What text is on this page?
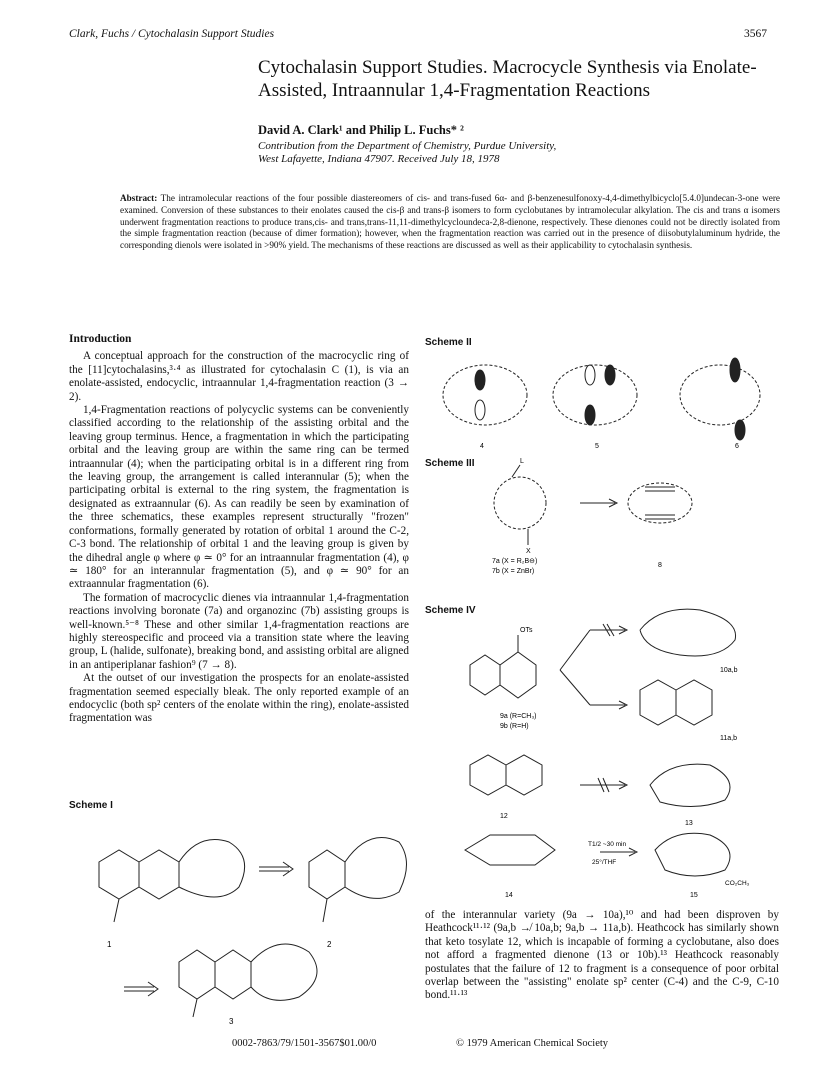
Clark, Fuchs / Cytochalasin Support Studies	3567
Cytochalasin Support Studies. Macrocycle Synthesis via Enolate-Assisted, Intraannular 1,4-Fragmentation Reactions
David A. Clark¹ and Philip L. Fuchs* ²
Contribution from the Department of Chemistry, Purdue University,
West Lafayette, Indiana 47907. Received July 18, 1978
Abstract: The intramolecular reactions of the four possible diastereomers of cis- and trans-fused 6α- and β-benzenesulfonoxy-4,4-dimethylbicyclo[5.4.0]undecan-3-one were examined. Conversion of these substances to their enolates caused the cis-β and trans-β isomers to form cyclobutanes by intramolecular alkylation. The cis and trans α isomers underwent fragmentation reactions to produce trans,cis- and trans,trans-11,11-dimethylcycloundeca-2,8-dienone, respectively. These dienones could not be directly isolated from the simple fragmentation reaction (because of dimer formation); however, when the fragmentation reaction was carried out in the presence of diisobutylaluminum hydride, the corresponding dienols were isolated in >90% yield. The mechanisms of these reactions are discussed as well as their applicability to cytochalasin synthesis.
Introduction

A conceptual approach for the construction of the macrocyclic ring of the [11]cytochalasins,³·⁴ as illustrated for cytochalasin C (1), is via an enolate-assisted, endocyclic, intraannular 1,4-fragmentation reaction (3 → 2).

1,4-Fragmentation reactions of polycyclic systems can be conveniently classified according to the relationship of the assisting orbital and the leaving group terminus. Hence, a fragmentation in which the participating orbital and the leaving group are within the same ring can be termed intraannular (4); when the participating orbital is in a different ring from the leaving group, the arrangement is called interannular (5); when the participating orbital is external to the ring system, the fragmentation is designated as extraannular (6). As can readily be seen by examination of the three schematics, these examples represent structurally "frozen" conformations, formally generated by rotation of orbital 1 around the C-2, C-3 bond. The relationship of orbital 1 and the leaving group is given by the dihedral angle φ where φ ≃ 0° for an intraannular fragmentation (4), φ ≃ 180° for an interannular fragmentation (5), and φ ≃ 90° for an extraannular fragmentation (6).

The formation of macrocyclic dienes via intraannular 1,4-fragmentation reactions involving boronate (7a) and organozinc (7b) assisting groups is well-known.⁵⁻⁸ These and other similar 1,4-fragmentation reactions are highly stereospecific and proceed via a transition state where the leaving group, L (halide, sulfonate), breaking bond, and assisting orbital are aligned in an antiperiplanar fashion⁹ (7 → 8).

At the outset of our investigation the prospects for an enolate-assisted fragmentation seemed especially bleak. The only reported example of an endocyclic (both sp² centers of the enolate within the ring), enolate-assisted fragmentation was

Scheme I
1	2
3
Scheme II
4	5	6
Scheme III	L
X
7a (X = R₂B⊖)
7b (X = ZnBr)
8
Scheme IV
OTs
9a (R=CH₃)
9b (R=H)
10a,b
11a,b
12
13
T1/2 ~30 min
25°/THF
CO₂CH₃
14	15
of the interannular variety (9a → 10a),¹⁰ and had been disproven by Heathcock¹¹·¹² (9a,b ↛ 10a,b; 9a,b → 11a,b). Heathcock has similarly shown that keto tosylate 12, which is incapable of forming a cyclobutane, also does not afford a fragmented dienone (13 or 10b).¹³ Heathcock reasonably postulates that the failure of 12 to fragment is a consequence of poor orbital overlap between the "assisting" enolate sp² center (C-4) and the C-9, C-10 bond.¹¹·¹³
0002-7863/79/1501-3567$01.00/0	© 1979 American Chemical Society
